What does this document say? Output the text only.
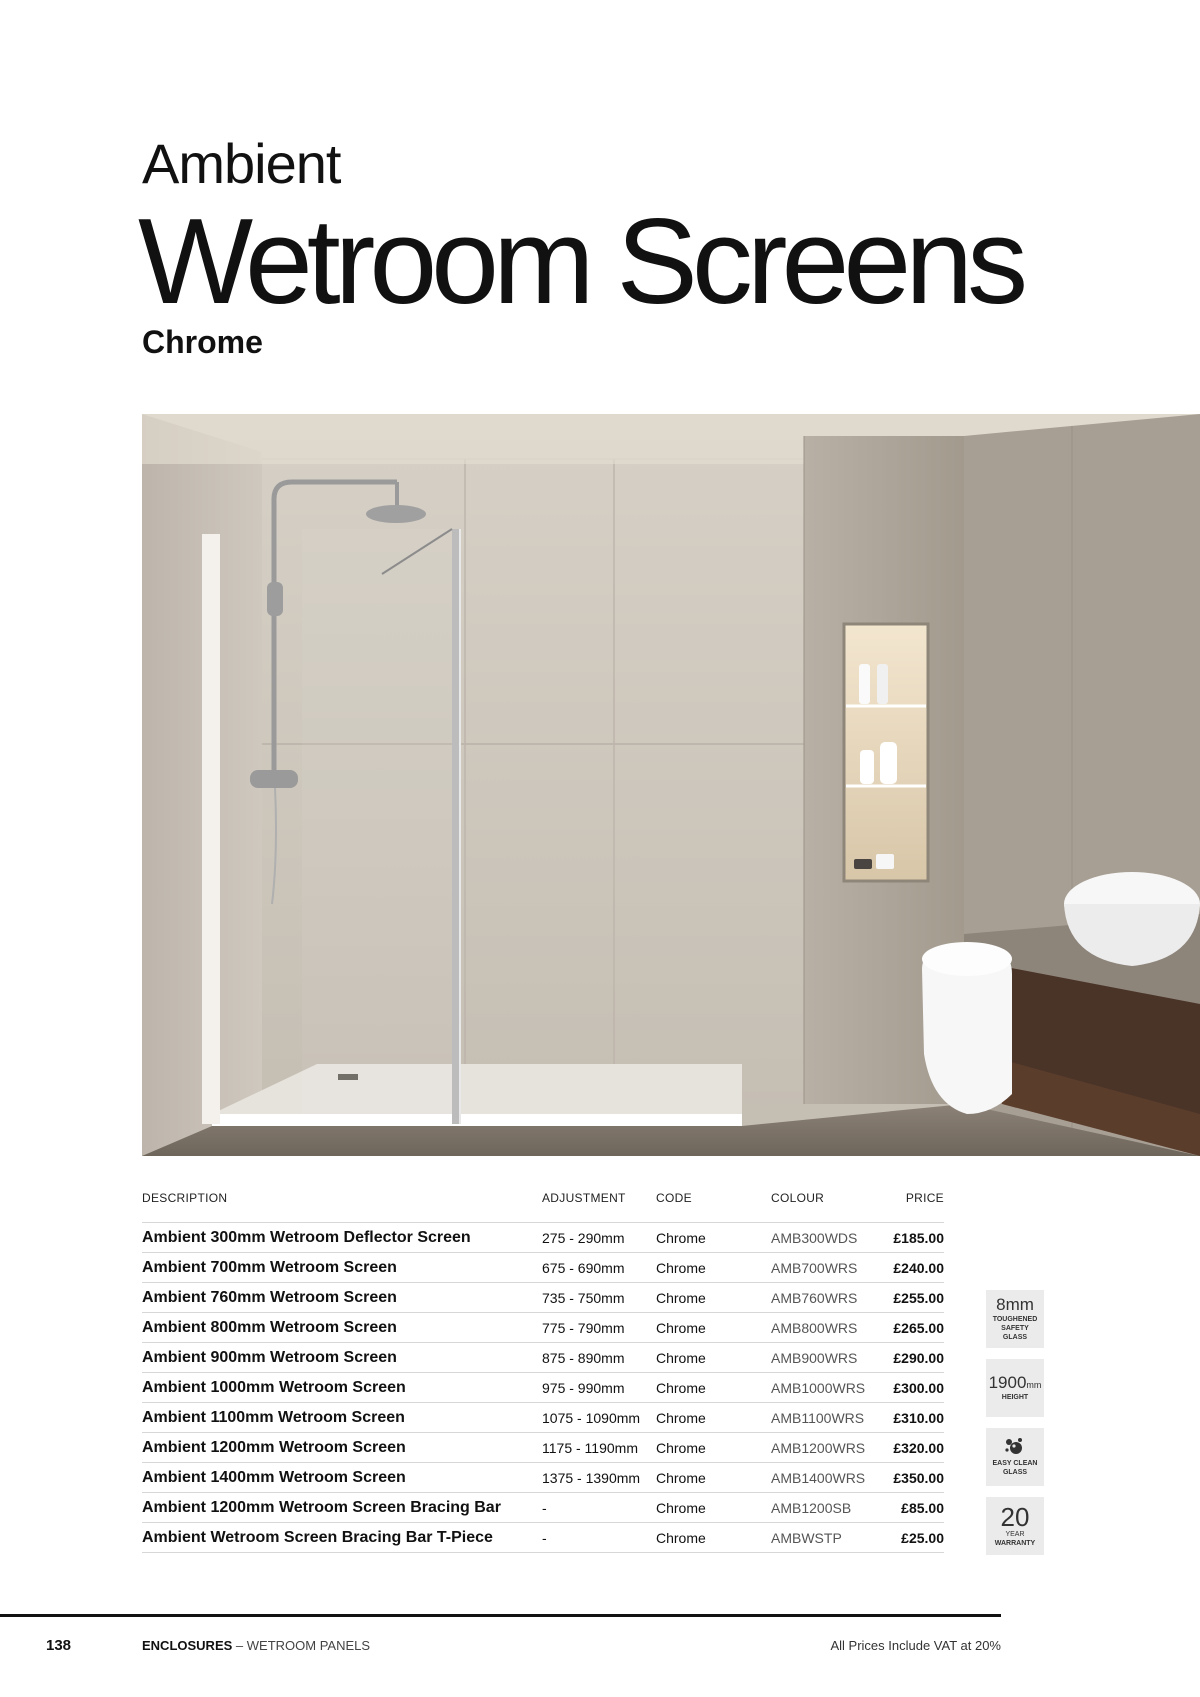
Ambient
Wetroom Screens
Chrome
DESCRIPTION	ADJUSTMENT	CODE	COLOUR	PRICE
Ambient 300mm Wetroom Deflector Screen	275 - 290mm	Chrome	AMB300WDS	£185.00
Ambient 700mm Wetroom Screen	675 - 690mm	Chrome	AMB700WRS	£240.00
Ambient 760mm Wetroom Screen	735 - 750mm	Chrome	AMB760WRS	£255.00
Ambient 800mm Wetroom Screen	775 - 790mm	Chrome	AMB800WRS	£265.00
Ambient 900mm Wetroom Screen	875 - 890mm	Chrome	AMB900WRS	£290.00
Ambient 1000mm Wetroom Screen	975 - 990mm	Chrome	AMB1000WRS	£300.00
Ambient 1100mm Wetroom Screen	1075 - 1090mm	Chrome	AMB1100WRS	£310.00
Ambient 1200mm Wetroom Screen	1175 - 1190mm	Chrome	AMB1200WRS	£320.00
Ambient 1400mm Wetroom Screen	1375 - 1390mm	Chrome	AMB1400WRS	£350.00
Ambient 1200mm Wetroom Screen Bracing Bar	-	Chrome	AMB1200SB	£85.00
Ambient Wetroom Screen Bracing Bar T-Piece	-	Chrome	AMBWSTP	£25.00
8mm
TOUGHENED
SAFETY
GLASS
1900mm
HEIGHT
EASY CLEAN
GLASS
20
YEAR
WARRANTY
138	ENCLOSURES – WETROOM PANELS	All Prices Include VAT at 20%
